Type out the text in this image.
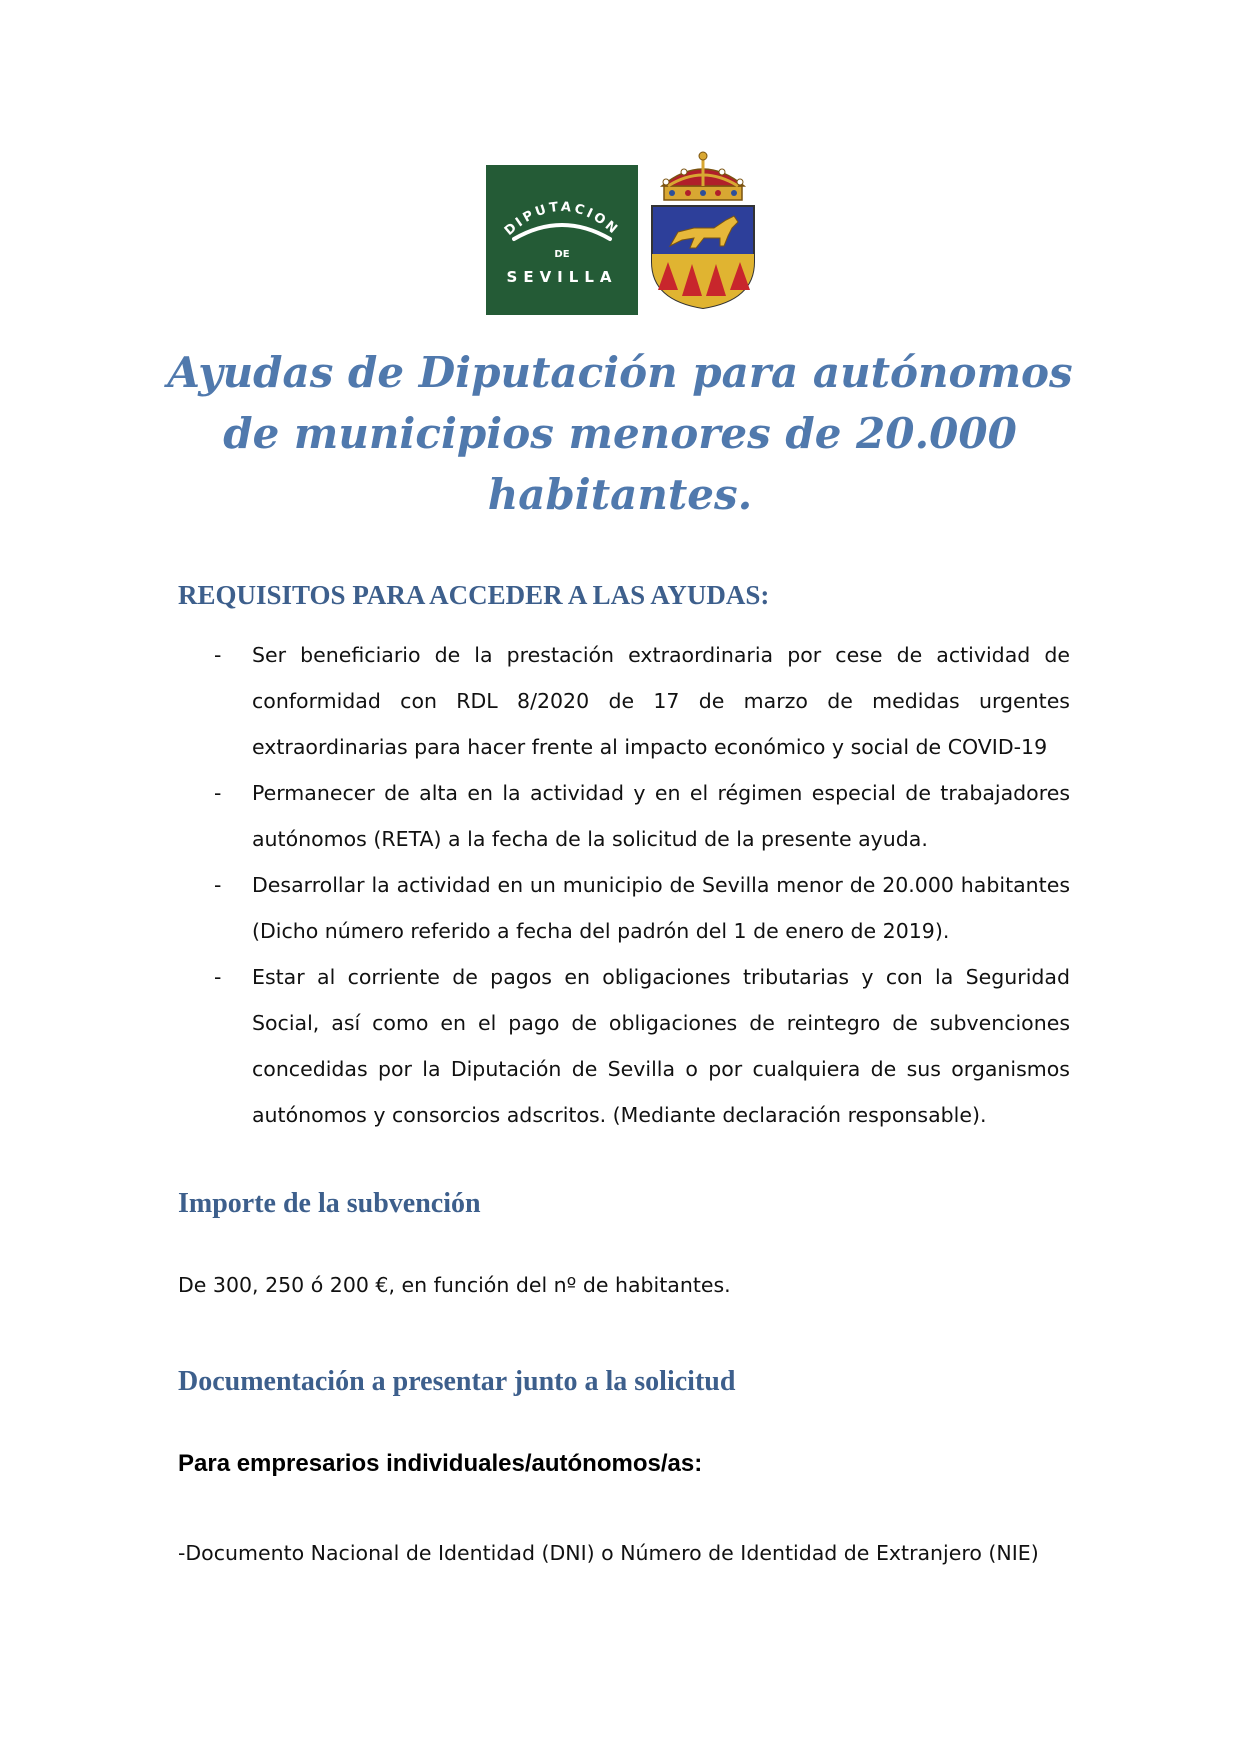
DIPUTACION
DE
SEVILLA
Ayudas de Diputación para autónomos de municipios menores de 20.000 habitantes.
REQUISITOS PARA ACCEDER A LAS AYUDAS:
- Ser beneficiario de la prestación extraordinaria por cese de actividad de conformidad con RDL 8/2020 de 17 de marzo de medidas urgentes extraordinarias para hacer frente al impacto económico y social de COVID-19
- Permanecer de alta en la actividad y en el régimen especial de trabajadores autónomos (RETA) a la fecha de la solicitud de la presente ayuda.
- Desarrollar la actividad en un municipio de Sevilla menor de 20.000 habitantes (Dicho número referido a fecha del padrón del 1 de enero de 2019).
- Estar al corriente de pagos en obligaciones tributarias y con la Seguridad Social, así como en el pago de obligaciones de reintegro de subvenciones concedidas por la Diputación de Sevilla o por cualquiera de sus organismos autónomos y consorcios adscritos. (Mediante declaración responsable).
Importe de la subvención

De 300, 250 ó 200 €, en función del nº de habitantes.

Documentación a presentar junto a la solicitud

Para empresarios individuales/autónomos/as:

-Documento Nacional de Identidad (DNI) o Número de Identidad de Extranjero (NIE)
